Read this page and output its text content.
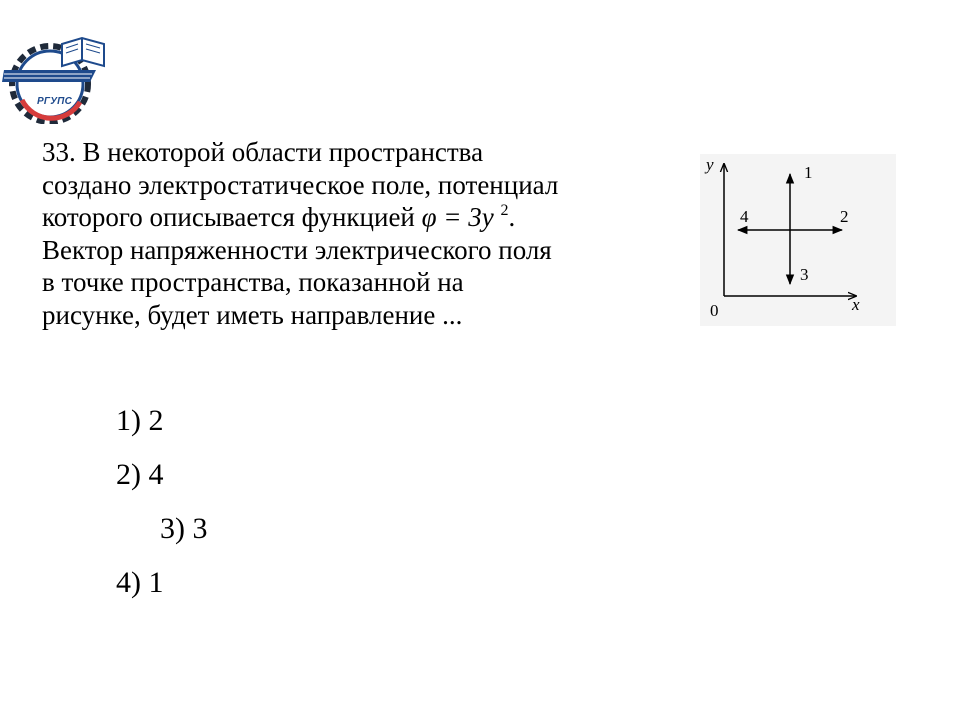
РГУПС
33. В некоторой области пространства
создано электростатическое поле, потенциал
которого описывается функцией φ = 3y $^2$.
Вектор напряженности электрического поля
в точке пространства, показанной на
рисунке, будет иметь направление ...
y
x
0
1
2
3
4
1) 2
2) 4
3) 3
4) 1
